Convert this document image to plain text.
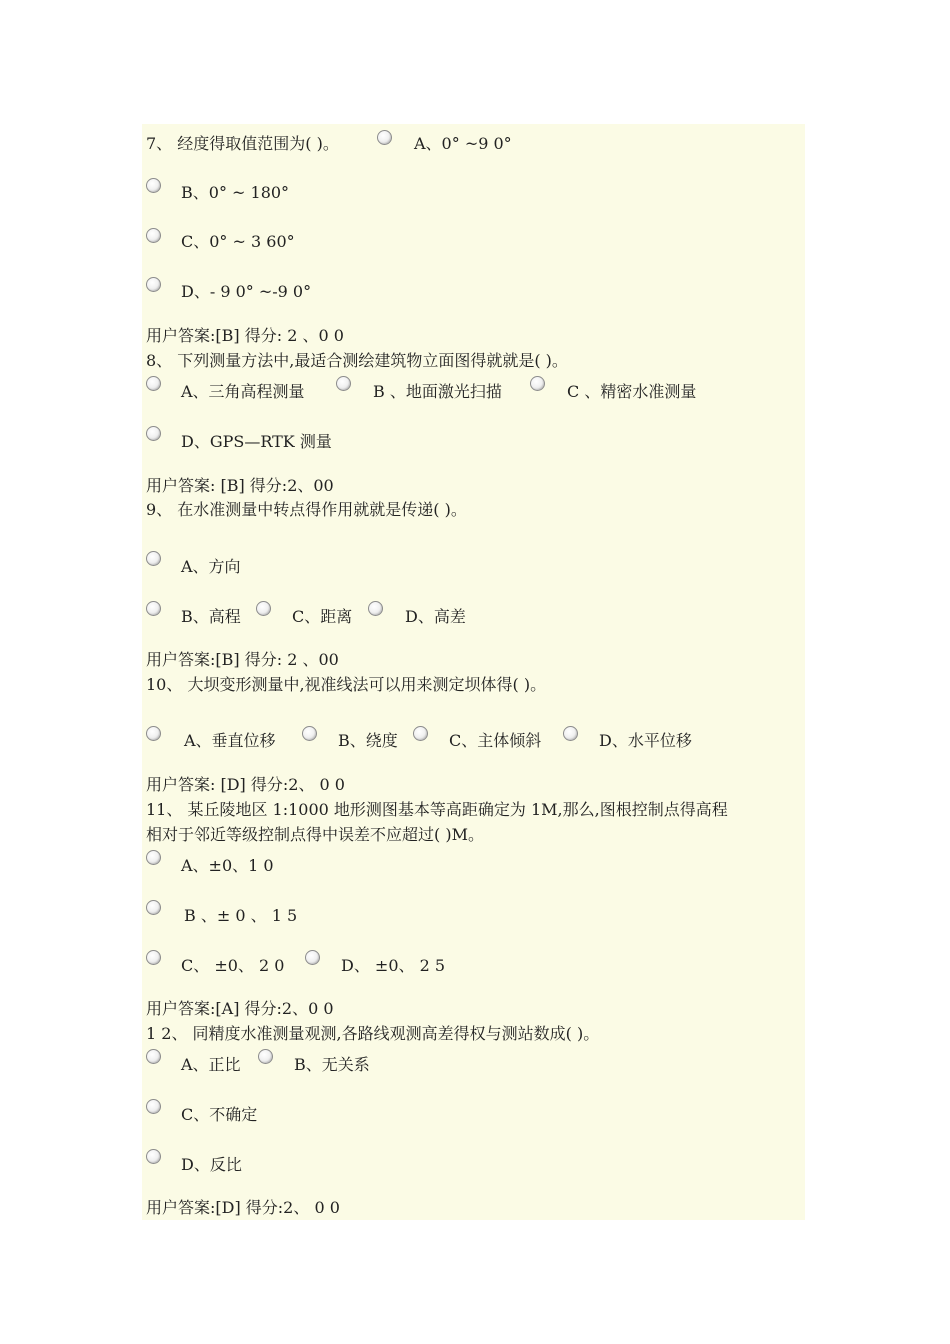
7、 经度得取值范围为( )。	A、0° ~9 0°
B、0° ~ 180°
C、0° ~ 3 60°
D、- 9 0° ~-9 0°
用户答案:[B] 得分: 2 、0 0
8、 下列测量方法中,最适合测绘建筑物立面图得就就是( )。
A、三角高程测量	B 、地面激光扫描	C 、精密水准测量
D、GPS—RTK 测量
用户答案: [B] 得分:2、00
9、 在水准测量中转点得作用就就是传递( )。
A、方向
B、高程	C、距离	D、高差
用户答案:[B] 得分: 2 、00
10、 大坝变形测量中,视准线法可以用来测定坝体得( )。
A、垂直位移	B、绕度	C、主体倾斜	D、水平位移
用户答案: [D] 得分:2、 0 0
11、 某丘陵地区 1:1000 地形测图基本等高距确定为 1M,那么,图根控制点得高程
相对于邻近等级控制点得中误差不应超过( )M。
A、±0、1 0
B 、± 0 、 1 5
C、 ±0、 2 0	D、 ±0、 2 5
用户答案:[A] 得分:2、0 0
1 2、 同精度水准测量观测,各路线观测高差得权与测站数成( )。
A、正比	B、无关系
C、不确定
D、反比
用户答案:[D] 得分:2、 0 0
